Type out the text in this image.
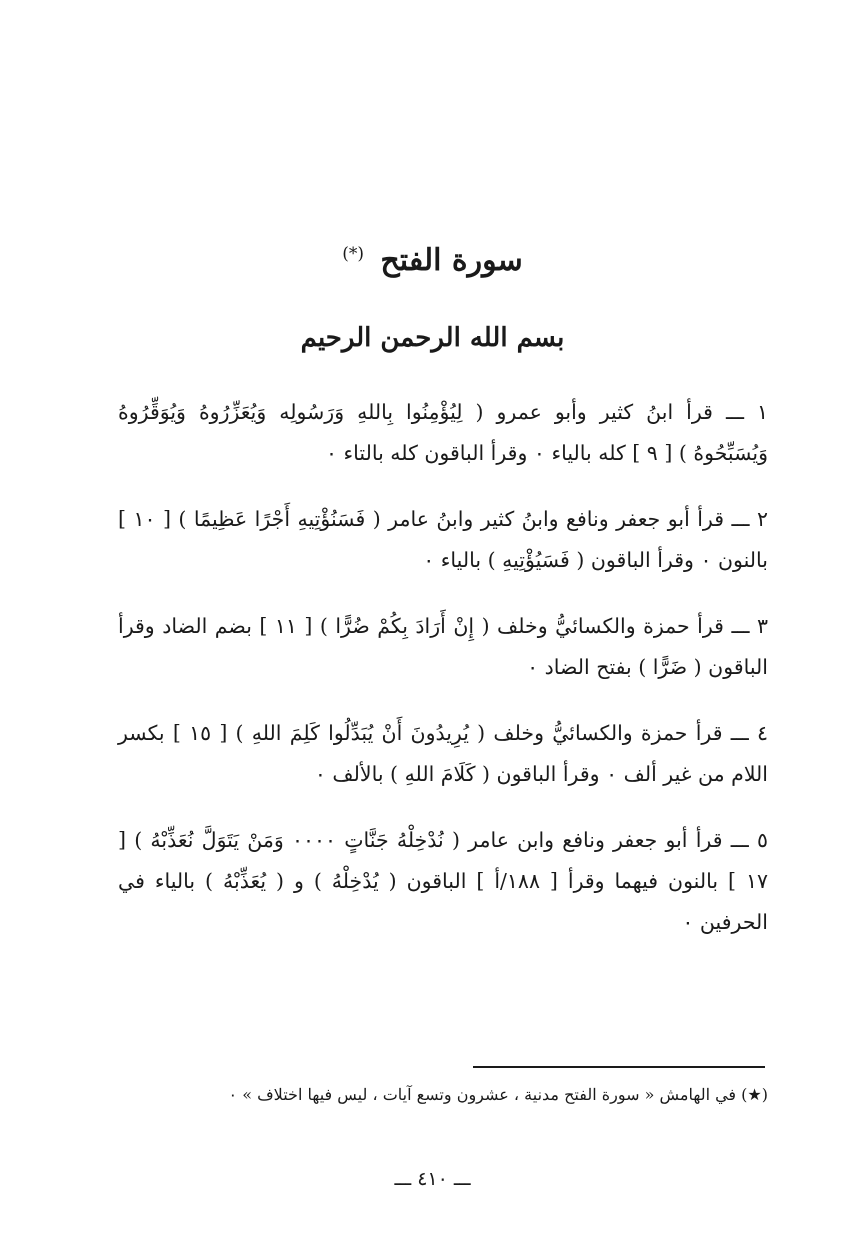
سورة الفتح (*)
بسم الله الرحمن الرحيم

١ ـــ قرأ ابنُ كثير وأبو عمرو ( لِيُؤْمِنُوا بِاللهِ وَرَسُولِه وَيُعَزِّرُوهُ وَيُوَقِّرُوهُ وَيُسَبِّحُوهُ ) [ ٩ ] كله بالياء ٠ وقرأ الباقون كله بالتاء ٠

٢ ـــ قرأ أبو جعفر ونافع وابنُ كثير وابنُ عامر ( فَسَنُؤْتِيهِ أَجْرًا عَظِيمًا ) [ ١٠ ] بالنون ٠ وقرأ الباقون ( فَسَيُؤْتِيهِ ) بالياء ٠

٣ ـــ قرأ حمزة والكسائيُّ وخلف ( إِنْ أَرَادَ بِكُمْ ضُرًّا ) [ ١١ ] بضم الضاد وقرأ الباقون ( ضَرًّا ) بفتح الضاد ٠

٤ ـــ قرأ حمزة والكسائيُّ وخلف ( يُرِيدُونَ أَنْ يُبَدِّلُوا كَلِمَ اللهِ ) [ ١٥ ] بكسر اللام من غير ألف ٠ وقرأ الباقون ( كَلَامَ اللهِ ) بالألف ٠

٥ ـــ قرأ أبو جعفر ونافع وابن عامر ( نُدْخِلْهُ جَنَّاتٍ ٠٠٠٠ وَمَنْ يَتَوَلَّ نُعَذِّبْهُ ) [ ١٧ ] بالنون فيهما وقرأ [ ١٨٨/أ ] الباقون ( يُدْخِلْهُ ) و ( يُعَذِّبْهُ ) بالياء في الحرفين ٠

(★) في الهامش « سورة الفتح مدنية ، عشرون وتسع آيات ، ليس فيها اختلاف » ٠
ـــ ٤١٠ ـــ
